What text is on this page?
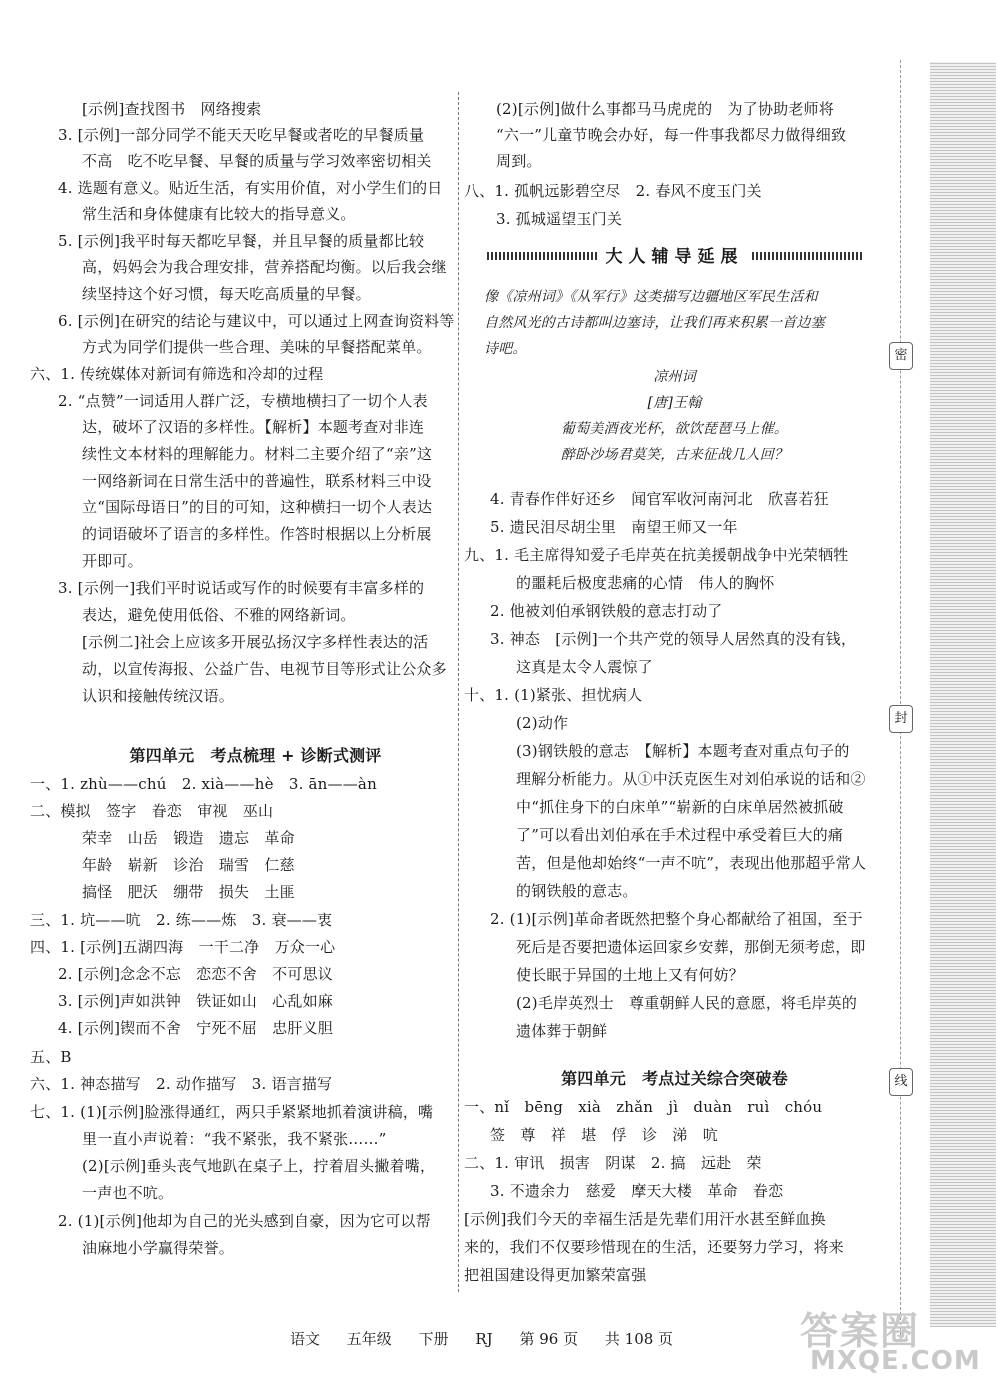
[示例]查找图书　网络搜索
3. [示例]一部分同学不能天天吃早餐或者吃的早餐质量
不高　吃不吃早餐、早餐的质量与学习效率密切相关
4. 选题有意义。贴近生活，有实用价值，对小学生们的日
常生活和身体健康有比较大的指导意义。
5. [示例]我平时每天都吃早餐，并且早餐的质量都比较
高，妈妈会为我合理安排，营养搭配均衡。以后我会继
续坚持这个好习惯，每天吃高质量的早餐。
6. [示例]在研究的结论与建议中，可以通过上网查询资料等
方式为同学们提供一些合理、美味的早餐搭配菜单。
六、1. 传统媒体对新词有筛选和冷却的过程
2. “点赞”一词适用人群广泛，专横地横扫了一切个人表
达，破坏了汉语的多样性。【解析】本题考查对非连
续性文本材料的理解能力。材料二主要介绍了“亲”这
一网络新词在日常生活中的普遍性，联系材料三中设
立“国际母语日”的目的可知，这种横扫一切个人表达
的词语破坏了语言的多样性。作答时根据以上分析展
开即可。
3. [示例一]我们平时说话或写作的时候要有丰富多样的
表达，避免使用低俗、不雅的网络新词。
[示例二]社会上应该多开展弘扬汉字多样性表达的活
动，以宣传海报、公益广告、电视节目等形式让公众多
认识和接触传统汉语。
第四单元　考点梳理 + 诊断式测评
一、1. zhù——chú　2. xià——hè　3. ān——àn
二、模拟　签字　眷恋　审视　巫山
荣幸　山岳　锻造　遗忘　革命
年龄　崭新　诊治　瑞雪　仁慈
搞怪　肥沃　绷带　损失　土匪
三、1. 坑——吭　2. 练——炼　3. 衰——衷
四、1. [示例]五湖四海　一干二净　万众一心
2. [示例]念念不忘　恋恋不舍　不可思议
3. [示例]声如洪钟　铁证如山　心乱如麻
4. [示例]锲而不舍　宁死不屈　忠肝义胆
五、B
六、1. 神态描写　2. 动作描写　3. 语言描写
七、1. (1)[示例]脸涨得通红，两只手紧紧地抓着演讲稿，嘴
里一直小声说着：“我不紧张，我不紧张……”
(2)[示例]垂头丧气地趴在桌子上，拧着眉头撇着嘴，
一声也不吭。
2. (1)[示例]他却为自己的光头感到自豪，因为它可以帮
油麻地小学赢得荣誉。
(2)[示例]做什么事都马马虎虎的　为了协助老师将
“六一”儿童节晚会办好，每一件事我都尽力做得细致
周到。
八、1. 孤帆远影碧空尽　2. 春风不度玉门关
3. 孤城遥望玉门关
大人辅导延展
像《凉州词》《从军行》这类描写边疆地区军民生活和
自然风光的古诗都叫边塞诗，让我们再来积累一首边塞
诗吧。
凉州词
[唐]王翰
葡萄美酒夜光杯，欲饮琵琶马上催。
醉卧沙场君莫笑，古来征战几人回？
4. 青春作伴好还乡　闻官军收河南河北　欣喜若狂
5. 遗民泪尽胡尘里　南望王师又一年
九、1. 毛主席得知爱子毛岸英在抗美援朝战争中光荣牺牲
的噩耗后极度悲痛的心情　伟人的胸怀
2. 他被刘伯承钢铁般的意志打动了
3. 神态　[示例]一个共产党的领导人居然真的没有钱，
这真是太令人震惊了
十、1. (1)紧张、担忧病人
(2)动作
(3)钢铁般的意志　【解析】本题考查对重点句子的
理解分析能力。从①中沃克医生对刘伯承说的话和②
中“抓住身下的白床单”“崭新的白床单居然被抓破
了”可以看出刘伯承在手术过程中承受着巨大的痛
苦，但是他却始终“一声不吭”，表现出他那超乎常人
的钢铁般的意志。
2. (1)[示例]革命者既然把整个身心都献给了祖国，至于
死后是否要把遗体运回家乡安葬，那倒无须考虑，即
使长眠于异国的土地上又有何妨？
(2)毛岸英烈士　尊重朝鲜人民的意愿，将毛岸英的
遗体葬于朝鲜
第四单元　考点过关综合突破卷
一、nǐ　bēng　xià　zhǎn　jì　duàn　ruì　chóu
签　尊　祥　堪　俘　诊　涕　吭
二、1. 审讯　损害　阴谋　2. 搞　远赴　荣
3. 不遗余力　慈爱　摩天大楼　革命　眷恋
[示例]我们今天的幸福生活是先辈们用汗水甚至鲜血换
来的，我们不仅要珍惜现在的生活，还要努力学习，将来
把祖国建设得更加繁荣富强
密
封
线
语文 五年级 下册 RJ 第 96 页 共 108 页	答案圈
MXQE.COM
